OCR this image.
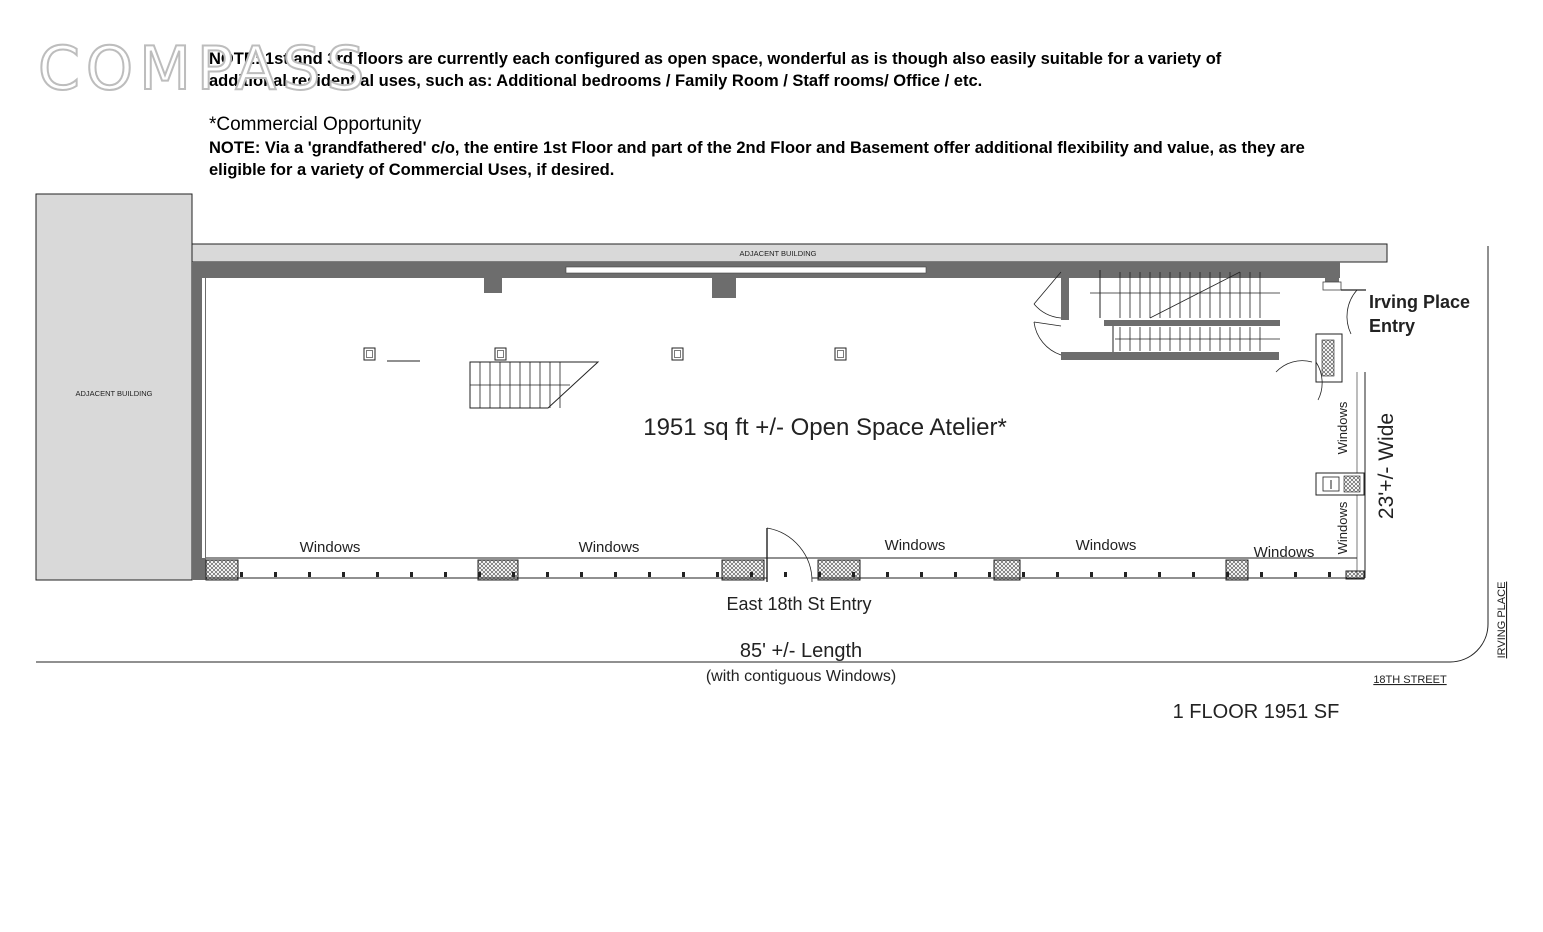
NOTE: 1st and 3rd floors are currently each configured as open space, wonderful as is though also easily suitable for a variety of
additional residential uses, such as: Additional bedrooms / Family Room / Staff rooms/ Office / etc.
*Commercial Opportunity
NOTE: Via a 'grandfathered' c/o, the entire 1st Floor and part of the 2nd Floor and Basement offer additional flexibility and value, as they are
eligible for a variety of Commercial Uses, if desired.
ADJACENT BUILDING
ADJACENT BUILDING
1951 sq ft +/- Open Space Atelier*
Windows	Windows	Windows	Windows	Windows
Windows
Windows
23'+/- Wide
Irving Place
Entry
East 18th St Entry
85' +/- Length
(with contiguous Windows)
IRVING PLACE
18TH STREET
1 FLOOR 1951 SF
COMPASS
